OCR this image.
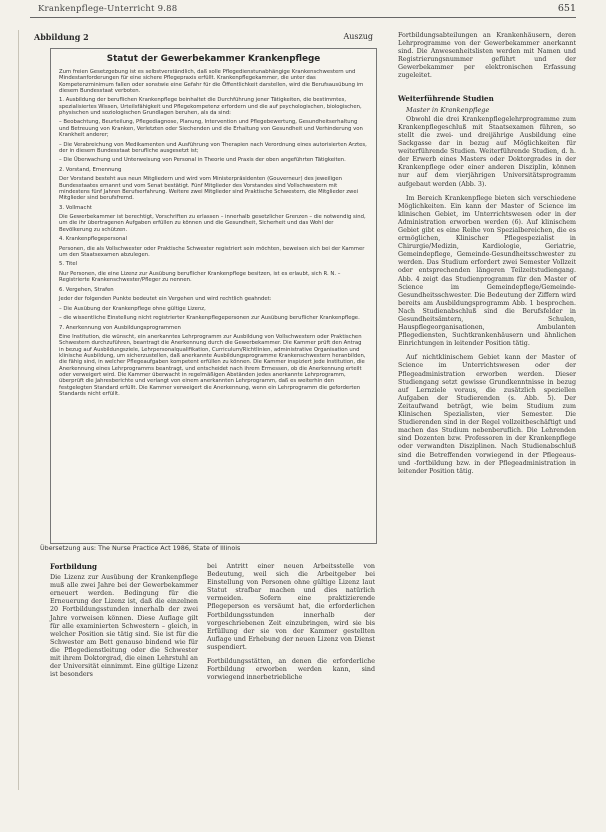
Krankenpflege-Unterricht 9.88	651
Abbildung 2	Auszug
Statut der Gewerbekammer Krankenpflege

Zum freien Gesetzgebung ist es selbstverständlich, daß solle Pflegedienstunabhängige Krankenschwestern und Mindestanforderungen für eine sichere Pflegepraxis erfüllt. Krankenpflegekammer, die unter das Kompetenzminimum fallen oder sonstwie eine Gefahr für die Öffentlichkeit darstellen, wird die Berufsausübung im diesem Bundesstaat verboten.

1. Ausbildung der beruflichen Krankenpflege beinhaltet die Durchführung jener Tätigkeiten, die bestimmtes, spezialisiertes Wissen, Urteilsfähigkeit und Pflegekompetenz erfordern und die auf psychologischen, biologischen, physischen und soziologischen Grundlagen beruhen, als da sind:

– Beobachtung, Beurteilung, Pflegediagnose, Planung, Intervention und Pflegebewertung, Gesundheitserhaltung und Betreuung von Kranken, Verletzten oder Siechenden und die Erhaltung von Gesundheit und Verhinderung von Krankheit anderer;

– Die Verabreichung von Medikamenten und Ausführung von Therapien nach Verordnung eines autorisierten Arztes, der in diesem Bundesstaat berufliche ausgesetzt ist;

– Die Überwachung und Unterweisung von Personal in Theorie und Praxis der oben angeführten Tätigkeiten.

2. Vorstand, Ernennung

Der Vorstand besteht aus neun Mitgliedern und wird vom Ministerpräsidenten (Gouverneur) des jeweiligen Bundesstaates ernannt und vom Senat bestätigt. Fünf Mitglieder des Vorstandes sind Vollschwestern mit mindestens fünf Jahren Berufserfahrung. Weitere zwei Mitglieder sind Praktische Schwestern, die Mitglieder zwei Mitglieder sind berufsfremd.

3. Vollmacht

Die Gewerbekammer ist berechtigt, Vorschriften zu erlassen – innerhalb gesetzlicher Grenzen – die notwendig sind, um die ihr übertragenen Aufgaben erfüllen zu können und die Gesundheit, Sicherheit und das Wohl der Bevölkerung zu schützen.

4. Krankenpflegepersonal

Personen, die als Vollschwester oder Praktische Schwester registriert sein möchten, beweisen sich bei der Kammer um den Staatsexamen abzulegen.

5. Titel

Nur Personen, die eine Lizenz zur Ausübung beruflicher Krankenpflege besitzen, ist es erlaubt, sich R. N. – Registrierte Krankenschwester/Pfleger zu nennen.

6. Vergehen, Strafen

Jeder der folgenden Punkte bedeutet ein Vergehen und wird rechtlich geahndet:

– Die Ausübung der Krankenpflege ohne gültige Lizenz,

– die wissentliche Einstellung nicht registrierter Krankenpflegepersonen zur Ausübung beruflicher Krankenpflege.

7. Anerkennung von Ausbildungsprogrammen

Eine Institution, die wünscht, ein anerkanntes Lehrprogramm zur Ausbildung von Vollschwestern oder Praktischen Schwestern durchzuführen, beantragt die Anerkennung durch die Gewerbekammer. Die Kammer prüft den Antrag in bezug auf Ausbildungsziele, Lehrpersonalqualifikation, Curriculum/Richtlinien, administrative Organisation und klinische Ausbildung, um sicherzustellen, daß anerkannte Ausbildungsprogramme Krankenschwestern heranbilden, die fähig sind, in welcher Pflegeaufgaben kompetent erfüllen zu können. Die Kammer inspiziert jede Institution, die Anerkennung eines Lehrprogramms beantragt, und entscheidet nach ihrem Ermessen, ob die Anerkennung erteilt oder verweigert wird. Die Kammer überwacht in regelmäßigen Abständen jedes anerkannte Lehrprogramm, überprüft die Jahresberichte und verlangt von einem anerkannten Lehrprogramm, daß es weiterhin den festgelegten Standard erfüllt. Die Kammer verweigert die Anerkennung, wenn ein Lehrprogramm die geforderten Standards nicht erfüllt.

Übersetzung aus: The Nurse Practice Act 1986, State of Illinois
Fortbildung

Die Lizenz zur Ausübung der Krankenpflege muß alle zwei Jahre bei der Gewerbekammer erneuert werden. Bedingung für die Erneuerung der Lizenz ist, daß die einzelnen 20 Fortbildungsstunden innerhalb der zwei Jahre vorweisen können. Diese Auflage gilt für alle examinierten Schwestern – gleich, in welcher Position sie tätig sind. Sie ist für die Schwester am Bett genauso bindend wie für die Pflegedienstleitung oder die Schwester mit ihrem Doktorgrad, die einen Lehrstuhl an der Universität einnimmt. Eine gültige Lizenz ist besonders

bei Antritt einer neuen Arbeitsstelle von Bedeutung, weil sich die Arbeitgeber bei Einstellung von Personen ohne gültige Lizenz laut Statut strafbar machen und dies natürlich vermeiden. Sofern eine praktizierende Pflegeperson es versäumt hat, die erforderlichen Fortbildungsstunden innerhalb der vorgeschriebenen Zeit einzubringen, wird sie bis Erfüllung der sie von der Kammer gestellten Auflage und Erhebung der neuen Lizenz von Dienst suspendiert.

Fortbildungsstätten, an denen die erforderliche Fortbildung erworben werden kann, sind vorwiegend innerbetriebliche

Fortbildungsabteilungen an Krankenhäusern, deren Lehrprogramme von der Gewerbekammer anerkannt sind. Die Anwesenheitslisten werden mit Namen und Registrierungsnummer geführt und der Gewerbekammer per elektronischen Erfassung zugeleitet.

Weiterführende Studien
Master in Krankenpflege

Obwohl die drei Krankenpflegelehrprogramme zum Krankenpflegeschluß mit Staatsexamen führen, so stellt die zwei- und dreijährige Ausbildung eine Sackgasse dar in bezug auf Möglichkeiten für weiterführende Studien. Weiterführende Studien, d. h. der Erwerb eines Masters oder Doktorgrades in der Krankenpflege oder einer anderen Disziplin, können nur auf dem vierjährigen Universitätsprogramm aufgebaut werden (Abb. 3).

Im Bereich Krankenpflege bieten sich verschiedene Möglichkeiten. Ein kann der Master of Science im klinischen Gebiet, im Unterrichtswesen oder in der Administration erworben werden (6). Auf klinischem Gebiet gibt es eine Reihe von Spezialbereichen, die es ermöglichen, Klinischer Pflegespezialist in Chirurgie/Medizin, Kardiologie, Geriatrie, Gemeindepflege, Gemeinde-Gesundheitsschwester zu werden. Das Studium erfordert zwei Semester Vollzeit oder entsprechenden längeren Teilzeitstudiengang. Abb. 4 zeigt das Studienprogramm für den Master of Science im Gemeindepflege/Gemeinde-Gesundheitsschwester. Die Bedeutung der Ziffern wird bereits am Ausbildungsprogramm Abb. 1 besprochen. Nach Studienabschluß sind die Berufsfelder in Gesundheitsämtern, Schulen, Hauspflegeorganisationen, Ambulanten Pflegediensten, Suchtkrankenhäusern und ähnlichen Einrichtungen in leitender Position tätig.

Auf nichtklinischem Gebiet kann der Master of Science im Unterrichtswesen oder der Pflegeadministration erworben werden. Dieser Studiengang setzt gewisse Grundkenntnisse in bezug auf Lernziele voraus, die zusätzlich speziellen Aufgaben der Studierenden (s. Abb. 5). Der Zeitaufwand beträgt, wie beim Studium zum Klinischen Spezialisten, vier Semester. Die Studierenden sind in der Regel vollzeitbeschäftigt und machen das Studium nebenberuflich. Die Lehrenden sind Dozenten bzw. Professoren in der Krankenpflege oder verwandten Disziplinen. Nach Studienabschluß sind die Betreffenden vorwiegend in der Pflegeaus- und -fortbildung bzw. in der Pflegeadministration in leitender Position tätig.
